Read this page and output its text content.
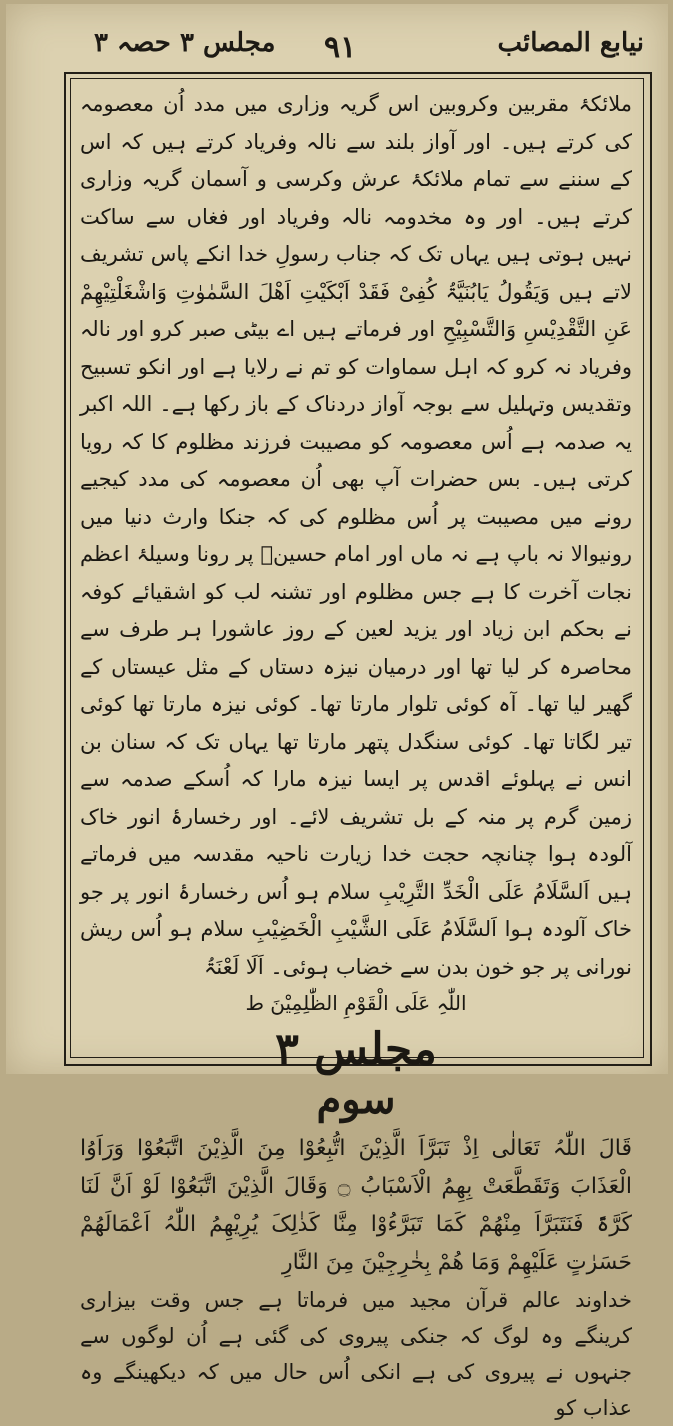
مجلس ۳ حصہ ۳ ۹۱	نیابع المصائب

ملائکۂ مقربین وکروبین اس گریہ وزاری میں مدد اُن معصومہ کی کرتے ہیں۔ اور آواز بلند سے نالہ وفریاد کرتے ہیں کہ اس کے سننے سے تمام ملائکۂ عرش وکرسی و آسمان گریہ وزاری کرتے ہیں۔ اور وہ مخدومہ نالہ وفریاد اور فغاں سے ساکت نہیں ہوتی ہیں یہاں تک کہ جناب رسولِ خدا انکے پاس تشریف لاتے ہیں وَیَقُولُ یَابُنَیَّۃُ کُفِیْ فَقَدْ اَبْکَیْتِ اَھْلَ السَّمٰوٰتِ وَاشْغَلْتِیْھِمْ عَنِ التَّقْدِیْسِ وَالتَّسْبِیْحِ اور فرماتے ہیں اے بیٹی صبر کرو اور نالہ وفریاد نہ کرو کہ اہل سماوات کو تم نے رلایا ہے اور انکو تسبیح وتقدیس وتہلیل سے بوجہ آواز دردناک کے باز رکھا ہے۔ اللہ اکبر یہ صدمہ ہے اُس معصومہ کو مصیبت فرزند مظلوم کا کہ رویا کرتی ہیں۔ بس حضرات آپ بھی اُن معصومہ کی مدد کیجیے رونے میں مصیبت پر اُس مظلوم کی کہ جنکا وارث دنیا میں رونیوالا نہ باپ ہے نہ ماں اور امام حسینؑ پر رونا وسیلۂ اعظم نجات آخرت کا ہے جس مظلوم اور تشنہ لب کو اشقیائے کوفہ نے بحکم ابن زیاد اور یزید لعین کے روز عاشورا ہر طرف سے محاصرہ کر لیا تھا اور درمیان نیزہ دستاں کے مثل عیستاں کے گھیر لیا تھا۔ آہ کوئی تلوار مارتا تھا۔ کوئی نیزہ مارتا تھا کوئی تیر لگاتا تھا۔ کوئی سنگدل پتھر مارتا تھا یہاں تک کہ سنان بن انس نے پہلوئے اقدس پر ایسا نیزہ مارا کہ اُسکے صدمہ سے زمین گرم پر منہ کے بل تشریف لائے۔ اور رخسارۂ انور خاک آلودہ ہوا چنانچہ حجت خدا زیارت ناحیہ مقدسہ میں فرماتے ہیں اَلسَّلَامُ عَلَی الْخَدِّ التَّرِیْبِ سلام ہو اُس رخسارۂ انور پر جو خاک آلودہ ہوا اَلسَّلَامُ عَلَی الشَّیْبِ الْخَضِیْبِ سلام ہو اُس ریش نورانی پر جو خون بدن سے خضاب ہوئی۔ اَلَا لَعْنَۃُ

اللّٰہِ عَلَی الْقَوْمِ الظّٰلِمِیْنَ ط

مجلس ۳
سوم

قَالَ اللّٰہُ تَعَالٰی اِذْ تَبَرَّاَ الَّذِیْنَ اتُّبِعُوْا مِنَ الَّذِیْنَ اتَّبَعُوْا وَرَاَوُا الْعَذَابَ وَتَقَطَّعَتْ بِھِمُ الْاَسْبَابُ ۝ وَقَالَ الَّذِیْنَ اتَّبَعُوْا لَوْ اَنَّ لَنَا کَرَّۃً فَنَتَبَرَّاَ مِنْھُمْ کَمَا تَبَرَّءُوْا مِنَّا کَذٰلِکَ یُرِیْھِمُ اللّٰہُ اَعْمَالَھُمْ حَسَرٰتٍ عَلَیْھِمْ وَمَا ھُمْ بِخٰرِجِیْنَ مِنَ النَّارِ

خداوند عالم قرآن مجید میں فرماتا ہے جس وقت بیزاری کرینگے وہ لوگ کہ جنکی پیروی کی گئی ہے اُن لوگوں سے جنہوں نے پیروی کی ہے انکی اُس حال میں کہ دیکھینگے وہ عذاب کو
